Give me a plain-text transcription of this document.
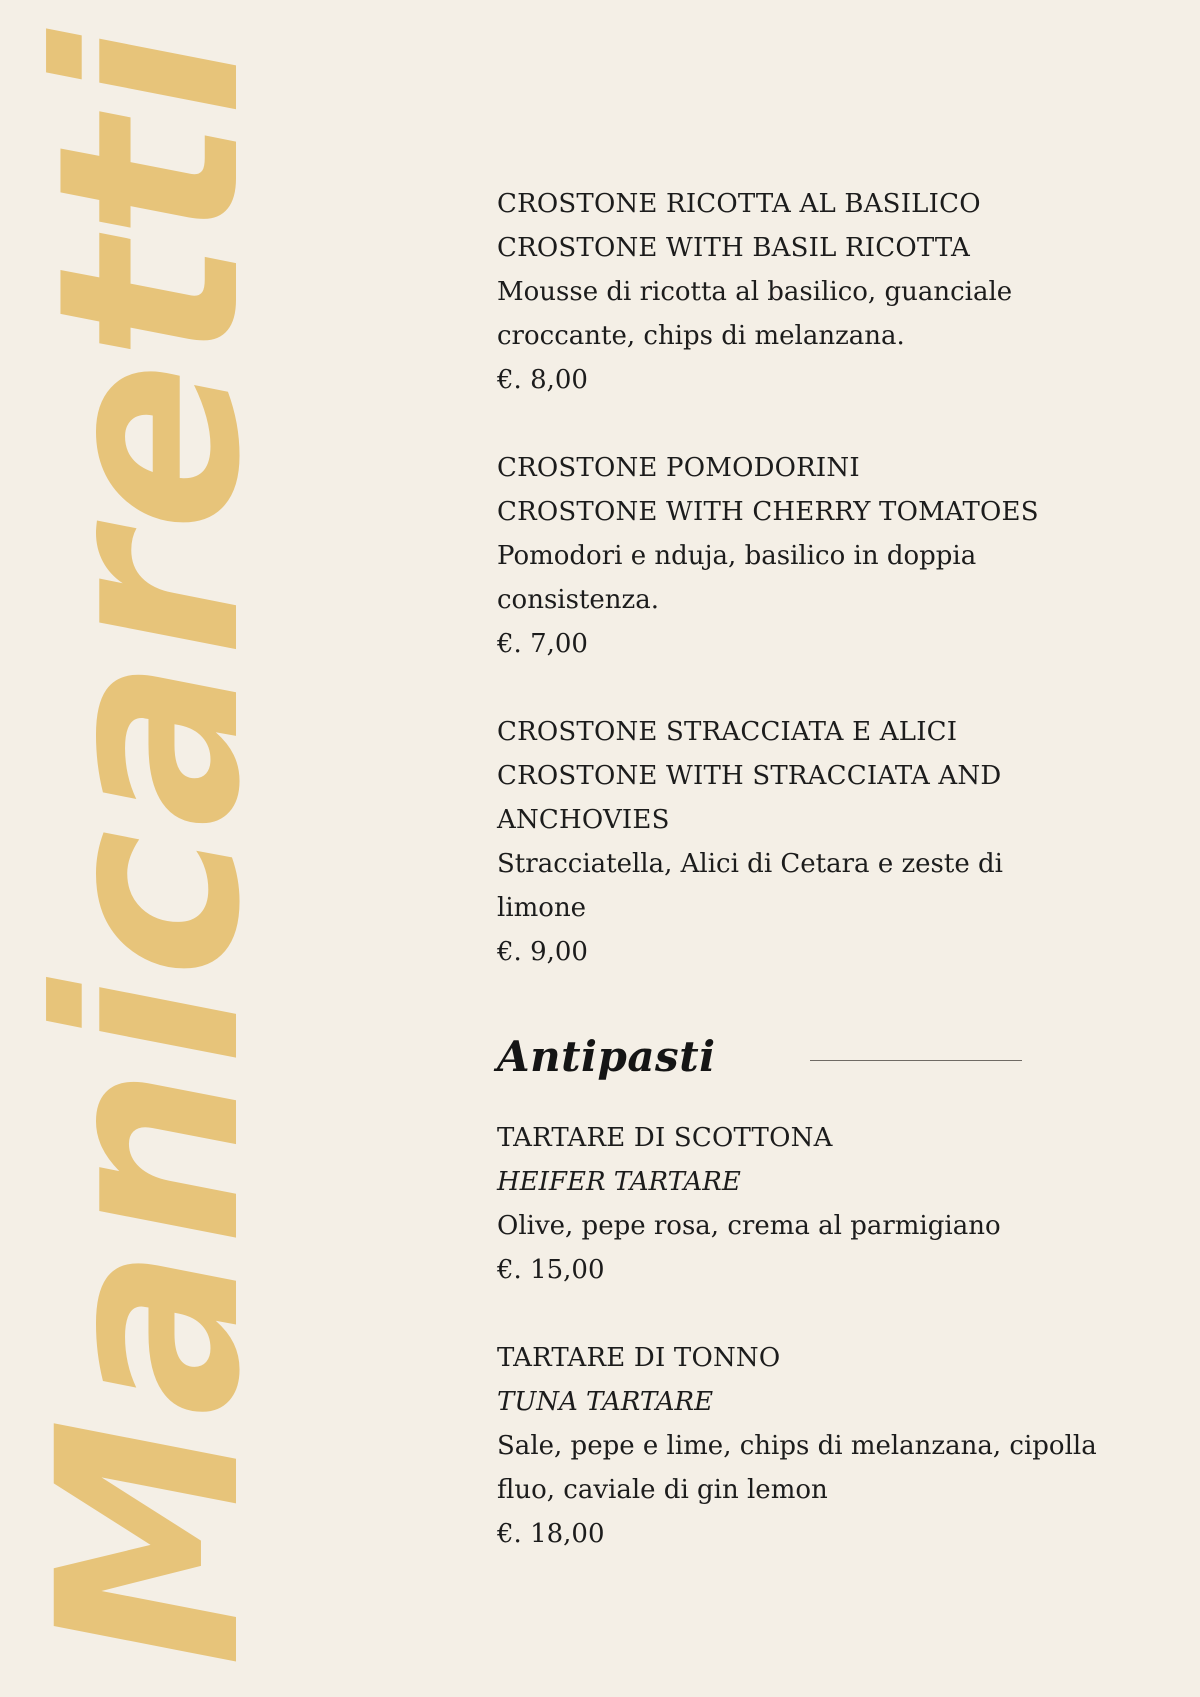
Manicaretti	CROSTONE RICOTTA AL BASILICO

CROSTONE WITH BASIL RICOTTA

Mousse di ricotta al basilico, guanciale

croccante, chips di melanzana.

€. 8,00

CROSTONE POMODORINI

CROSTONE WITH CHERRY TOMATOES

Pomodori e nduja, basilico in doppia

consistenza.

€. 7,00

CROSTONE STRACCIATA E ALICI

CROSTONE WITH STRACCIATA AND

ANCHOVIES

Stracciatella, Alici di Cetara e zeste di limone

€. 9,00

Antipasti

TARTARE DI SCOTTONA

HEIFER TARTARE

Olive, pepe rosa, crema al parmigiano

€. 15,00

TARTARE DI TONNO

TUNA TARTARE

Sale, pepe e lime, chips di melanzana, cipolla

fluo, caviale di gin lemon

€. 18,00
